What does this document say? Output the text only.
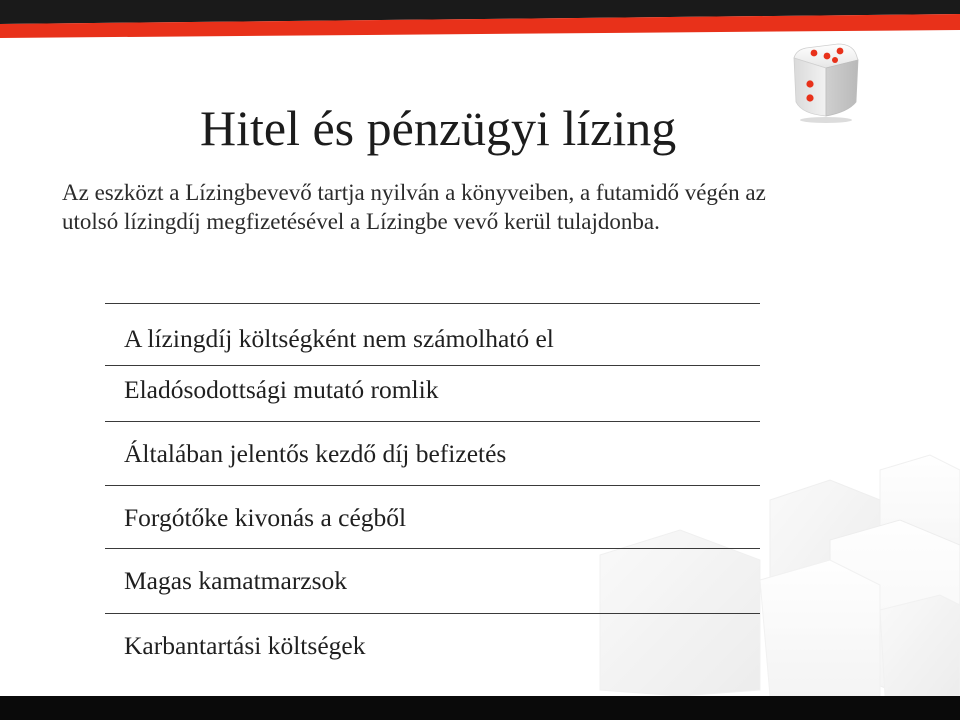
Hitel és pénzügyi lízing

Az eszközt a Lízingbevevő tartja nyilván a könyveiben, a futamidő végén az utolsó lízingdíj megfizetésével a Lízingbe vevő kerül tulajdonba.

A lízingdíj költségként nem számolható el
Eladósodottsági mutató romlik
Általában jelentős kezdő díj befizetés
Forgótőke kivonás a cégből
Magas kamatmarzsok
Karbantartási költségek
